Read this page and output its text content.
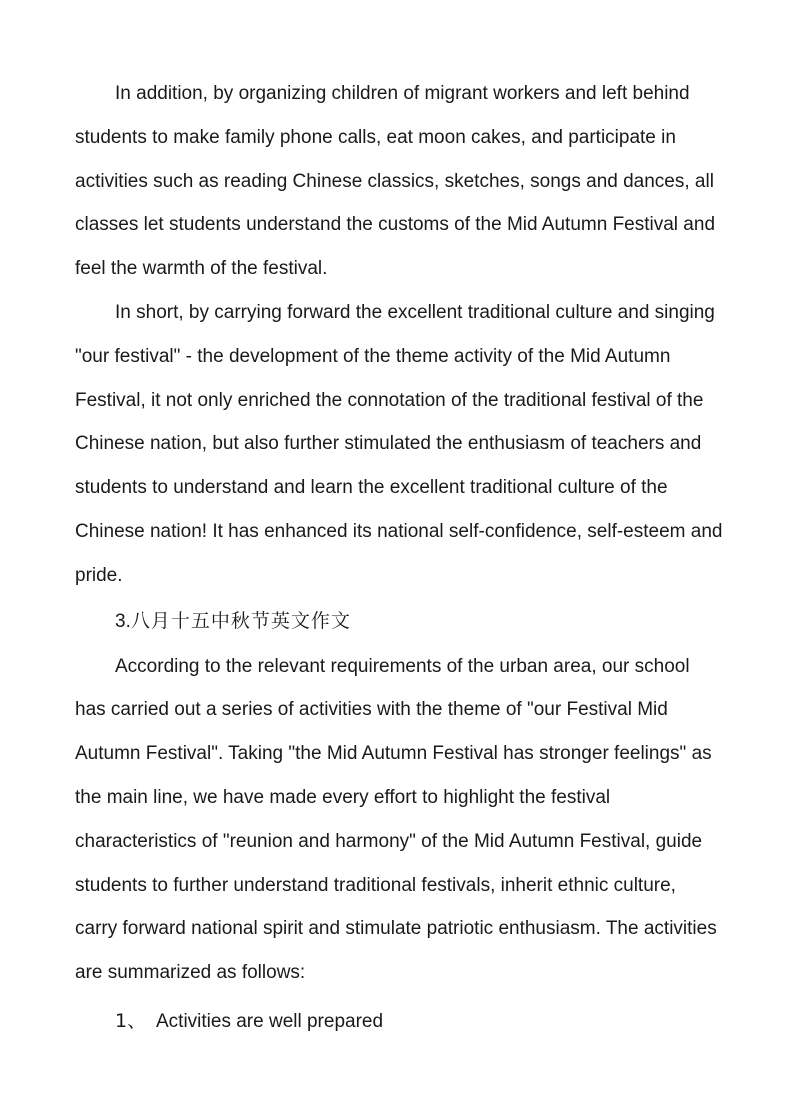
In addition, by organizing children of migrant workers and left behind students to make family phone calls, eat moon cakes, and participate in activities such as reading Chinese classics, sketches, songs and dances, all classes let students understand the customs of the Mid Autumn Festival and feel the warmth of the festival.

In short, by carrying forward the excellent traditional culture and singing "our festival" - the development of the theme activity of the Mid Autumn Festival, it not only enriched the connotation of the traditional festival of the Chinese nation, but also further stimulated the enthusiasm of teachers and students to understand and learn the excellent traditional culture of the Chinese nation! It has enhanced its national self-confidence, self-esteem and pride.

3.八月十五中秋节英文作文

According to the relevant requirements of the urban area, our school has carried out a series of activities with the theme of "our Festival Mid Autumn Festival". Taking "the Mid Autumn Festival has stronger feelings" as the main line, we have made every effort to highlight the festival characteristics of "reunion and harmony" of the Mid Autumn Festival, guide students to further understand traditional festivals, inherit ethnic culture, carry forward national spirit and stimulate patriotic enthusiasm. The activities are summarized as follows:

1、 Activities are well prepared
